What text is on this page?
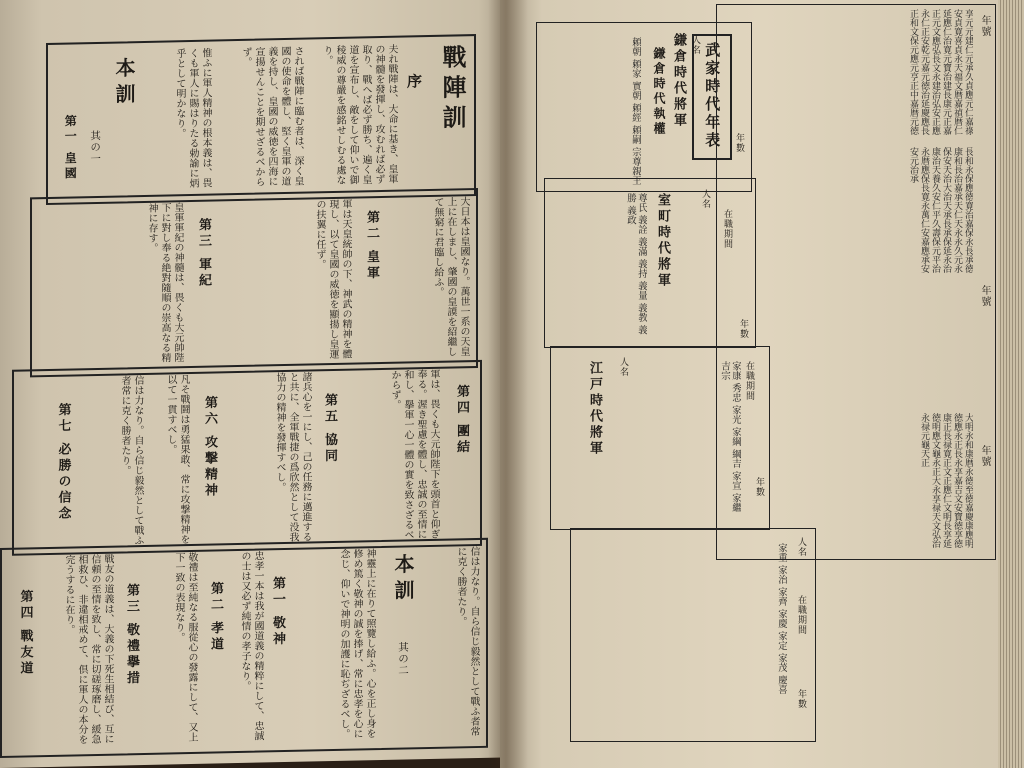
戰陣訓
序
夫れ戰陣は、大命に基き、皇軍の神髓を發揮し、攻むれば必ず取り、戰へば必ず勝ち、遍く皇道を宣布し、敵をして仰いで御稜威の尊嚴を感銘せしむる處なり。
されば戰陣に臨む者は、深く皇國の使命を體し、堅く皇軍の道義を持し、皇國の威徳を四海に宣揚せんことを期せざるべからず。
惟ふに軍人精神の根本義は、畏くも軍人に賜はりたる勅諭に炳乎として明かなり。
本訓
其の一
第一 皇國
大日本は皇國なり。萬世一系の天皇上に在しまし、肇國の皇謨を紹繼して無窮に君臨し給ふ。
第二 皇軍
軍は天皇統帥の下、神武の精神を體現し、以て皇國の威徳を顯揚し皇運の扶翼に任ず。
第三 軍紀
皇軍軍紀の神髓は、畏くも大元帥陛下に對し奉る絶對隨順の崇高なる精神に存す。
第四 團結
軍は、畏くも大元帥陛下を頭首と仰ぎ奉る。渥き聖慮を體し、忠誠の至情に和し、擧軍一心一體の實を致さざるべからず。
第五 協同
諸兵心を一にし、己の任務に邁進すると共に、全軍戰捷の爲欣然として没我協力の精神を發揮すべし。
第六 攻撃精神
凡そ戰鬪は勇猛果敢、常に攻撃精神を以て一貫すべし。
信は力なり。自ら信じ毅然として戰ふ者常に克く勝者たり。
第七 必勝の信念
信は力なり。自ら信じ毅然として戰ふ者常に克く勝者たり。
本訓
其の二
神靈上に在りて照覽し給ふ。心を正し身を修め篤く敬神の誠を捧げ、常に忠孝を心に念じ、仰いで神明の加護に恥ぢざるべし。
第一 敬神
忠孝一本は我が國道義の精粹にして、忠誠の士は又必ず純情の孝子なり。
第二 孝道
敬禮は至純なる服從心の發露にして、又上下一致の表現なり。
第三 敬禮擧措
戰友の道義は、大義の下死生相結び、互に信頼の至情を致し、常に切磋琢磨し、緩急相救ひ、非違相戒めて、倶に軍人の本分を完うするに在り。
第四 戰友道
武家時代年表
鎌倉時代將軍 人名
鎌倉時代執權
頼朝 頼家 實朝 頼經 頼嗣 宗尊親王
年數
室町時代將軍	人名
在職期間
尊氏 義詮 義滿 義持 義量 義教 義勝 義政
年數
江戸時代將軍 人名	在職期間
家康 秀忠 家光 家綱 綱吉 家宣 家繼 吉宗
年數
人名
在職期間
家重 家治 家齊 家慶 家定 家茂 慶喜
年數
年號
享元元建仁元承久貞應元仁嘉祿安貞寛喜貞永天福文暦嘉禎暦仁延應仁治寛元寶治建長康元正嘉正元文應弘長文永建治弘安正應永仁正安乾元嘉元徳治延慶應長正和文保元應元亨正中嘉暦元徳
年號
長和永保應徳寛治嘉保永長承徳康和長治嘉承天仁天永永久元永保安天治大治天承長承保延永治康治天養久安仁平久壽保元平治永暦應保長寛永萬仁安嘉應承安安元治承
年號
大明永和康暦永徳至徳嘉慶康應明徳應永正長永享嘉吉文安寶徳享徳康正長禄寛正文正應仁文明長享延徳明應文龜永正大永享禄天文弘治永禄元龜天正
